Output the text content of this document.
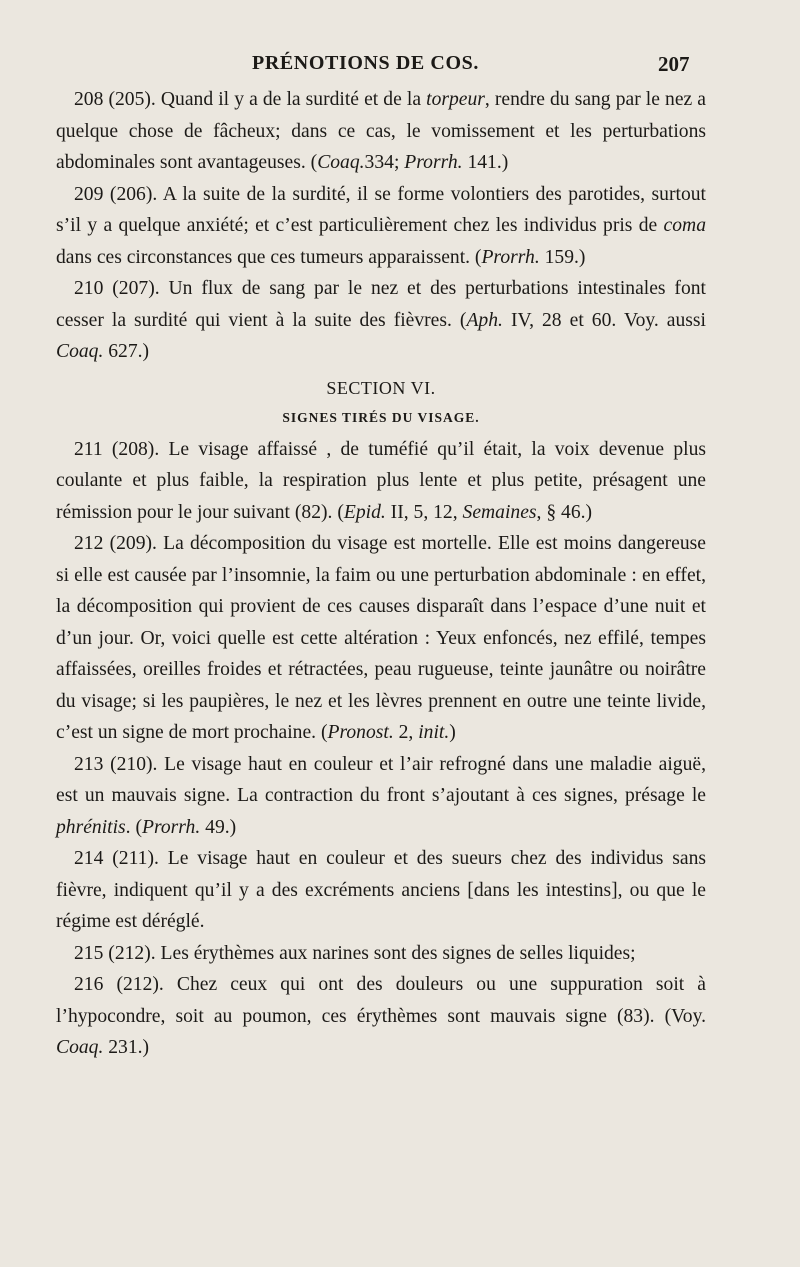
PRÉNOTIONS DE COS.	207

208 (205). Quand il y a de la surdité et de la torpeur, rendre du sang par le nez a quelque chose de fâcheux; dans ce cas, le vomissement et les perturbations abdominales sont avantageuses. (Coaq.334; Prorrh. 141.)

209 (206). A la suite de la surdité, il se forme volontiers des parotides, surtout s’il y a quelque anxiété; et c’est particulièrement chez les individus pris de coma dans ces circonstances que ces tumeurs apparaissent. (Prorrh. 159.)

210 (207). Un flux de sang par le nez et des perturbations intestinales font cesser la surdité qui vient à la suite des fièvres. (Aph. IV, 28 et 60. Voy. aussi Coaq. 627.)

SECTION VI.
SIGNES TIRÉS DU VISAGE.

211 (208). Le visage affaissé , de tuméfié qu’il était, la voix devenue plus coulante et plus faible, la respiration plus lente et plus petite, présagent une rémission pour le jour suivant (82). (Epid. II, 5, 12, Semaines, § 46.)

212 (209). La décomposition du visage est mortelle. Elle est moins dangereuse si elle est causée par l’insomnie, la faim ou une perturbation abdominale : en effet, la décomposition qui provient de ces causes disparaît dans l’espace d’une nuit et d’un jour. Or, voici quelle est cette altération : Yeux enfoncés, nez effilé, tempes affaissées, oreilles froides et rétractées, peau rugueuse, teinte jaunâtre ou noirâtre du visage; si les paupières, le nez et les lèvres prennent en outre une teinte livide, c’est un signe de mort prochaine. (Pronost. 2, init.)

213 (210). Le visage haut en couleur et l’air refrogné dans une maladie aiguë, est un mauvais signe. La contraction du front s’ajoutant à ces signes, présage le phrénitis. (Prorrh. 49.)

214 (211). Le visage haut en couleur et des sueurs chez des individus sans fièvre, indiquent qu’il y a des excréments anciens [dans les intestins], ou que le régime est déréglé.

215 (212). Les érythèmes aux narines sont des signes de selles liquides;

216 (212). Chez ceux qui ont des douleurs ou une suppuration soit à l’hypocondre, soit au poumon, ces érythèmes sont mauvais signe (83). (Voy. Coaq. 231.)
